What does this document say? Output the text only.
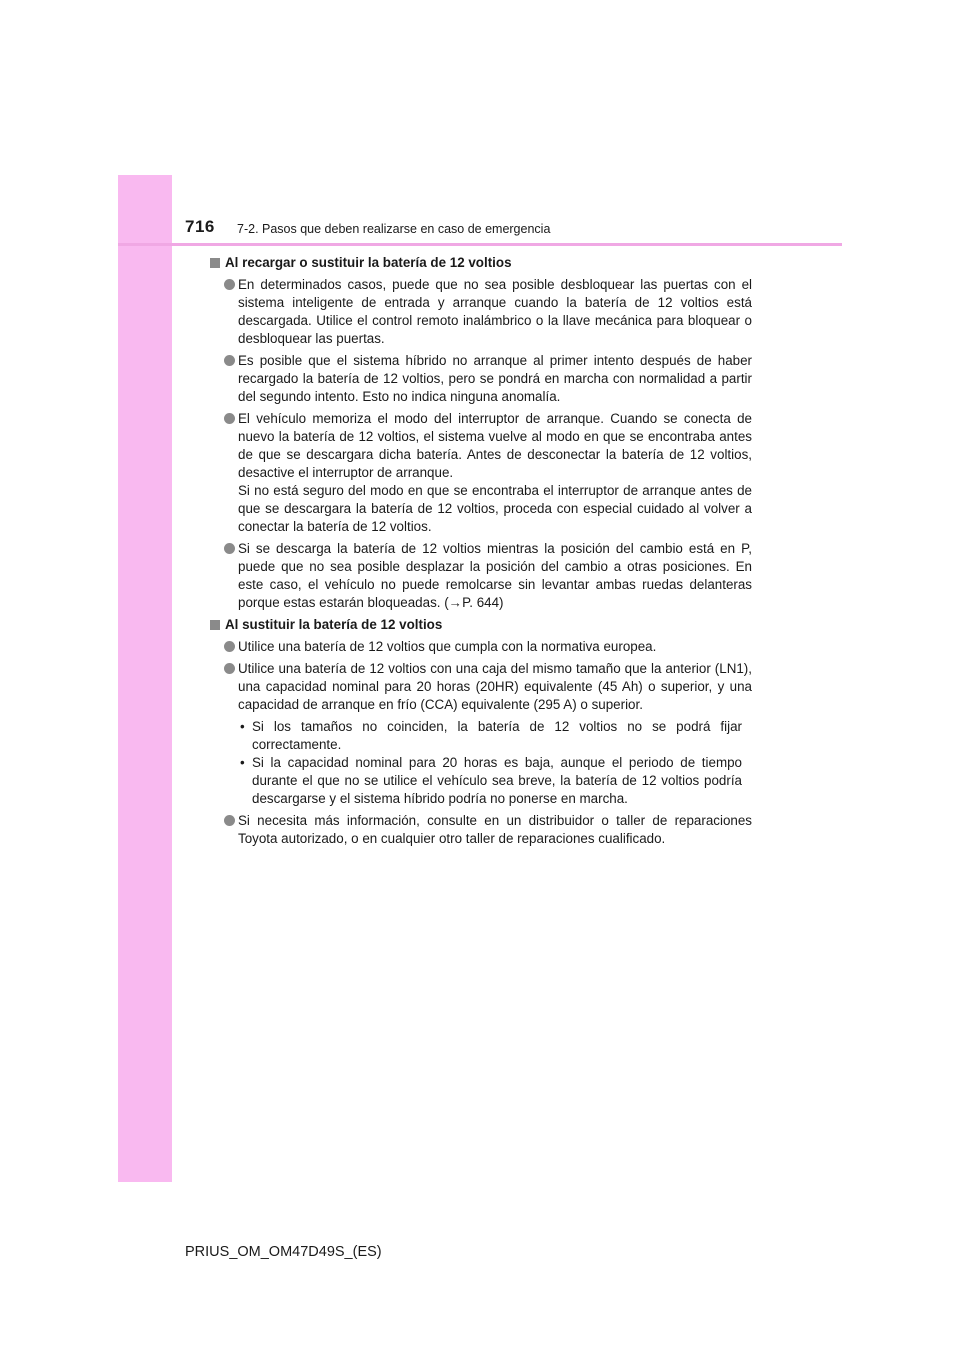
716 7-2. Pasos que deben realizarse en caso de emergencia
Al recargar o sustituir la batería de 12 voltios

En determinados casos, puede que no sea posible desbloquear las puertas con el sistema inteligente de entrada y arranque cuando la batería de 12 voltios está descargada. Utilice el control remoto inalámbrico o la llave mecánica para bloquear o desbloquear las puertas.

Es posible que el sistema híbrido no arranque al primer intento después de haber recargado la batería de 12 voltios, pero se pondrá en marcha con normalidad a partir del segundo intento. Esto no indica ninguna anomalía.

El vehículo memoriza el modo del interruptor de arranque. Cuando se conecta de nuevo la batería de 12 voltios, el sistema vuelve al modo en que se encontraba antes de que se descargara dicha batería. Antes de desconectar la batería de 12 voltios, desactive el interruptor de arranque.

Si no está seguro del modo en que se encontraba el interruptor de arranque antes de que se descargara la batería de 12 voltios, proceda con especial cuidado al volver a conectar la batería de 12 voltios.

Si se descarga la batería de 12 voltios mientras la posición del cambio está en P, puede que no sea posible desplazar la posición del cambio a otras posiciones. En este caso, el vehículo no puede remolcarse sin levantar ambas ruedas delanteras porque estas estarán bloqueadas. (→P. 644)

Al sustituir la batería de 12 voltios

Utilice una batería de 12 voltios que cumpla con la normativa europea.

Utilice una batería de 12 voltios con una caja del mismo tamaño que la anterior (LN1), una capacidad nominal para 20 horas (20HR) equivalente (45 Ah) o superior, y una capacidad de arranque en frío (CCA) equivalente (295 A) o superior.

• Si los tamaños no coinciden, la batería de 12 voltios no se podrá fijar correctamente.
• Si la capacidad nominal para 20 horas es baja, aunque el periodo de tiempo durante el que no se utilice el vehículo sea breve, la batería de 12 voltios podría descargarse y el sistema híbrido podría no ponerse en marcha.

Si necesita más información, consulte en un distribuidor o taller de reparaciones Toyota autorizado, o en cualquier otro taller de reparaciones cualificado.

PRIUS_OM_OM47D49S_(ES)
